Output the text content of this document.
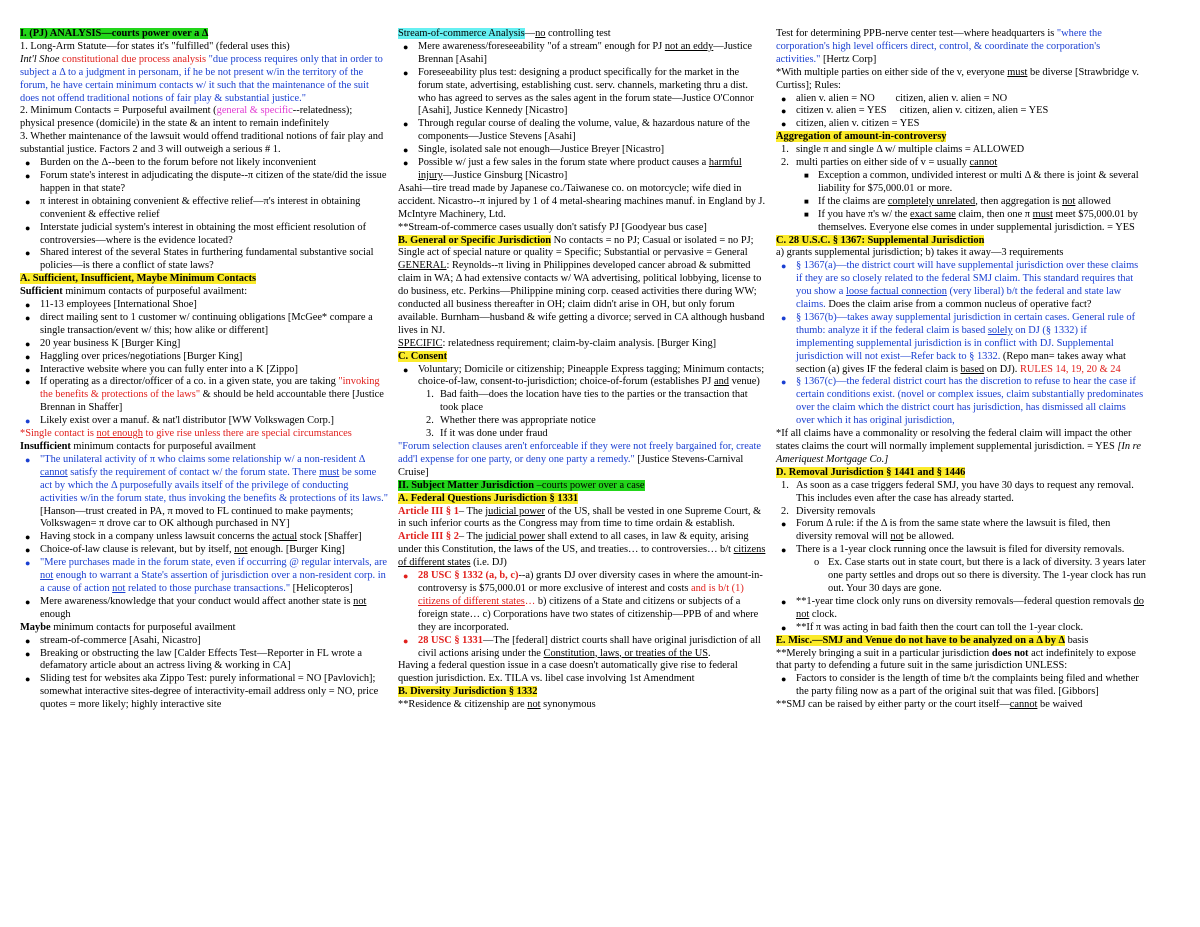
I. (PJ) ANALYSIS—courts power over a Δ

1. Long-Arm Statute—for states it's "fulfilled" (federal uses this)

Int'l Shoe constitutional due process analysis "due process requires only that in order to subject a Δ to a judgment in personam, if he be not present w/in the territory of the forum, he have certain minimum contacts w/ it such that the maintenance of the suit does not offend traditional notions of fair play & substantial justice."

2. Minimum Contacts = Purposeful availment (general & specific--relatedness); physical presence (domicile) in the state & an intent to remain indefinitely

3. Whether maintenance of the lawsuit would offend traditional notions of fair play and substantial justice. Factors 2 and 3 will outweigh a serious # 1.

● Burden on the Δ--been to the forum before not likely inconvenient
● Forum state's interest in adjudicating the dispute--π citizen of the state/did the issue happen in that state?
● π interest in obtaining convenient & effective relief—π's interest in obtaining convenient & effective relief
● Interstate judicial system's interest in obtaining the most efficient resolution of controversies—where is the evidence located?
● Shared interest of the several States in furthering fundamental substantive social policies—is there a conflict of state laws?

A. Sufficient, Insufficient, Maybe Minimum Contacts

Sufficient minimum contacts of purposeful availment:

● 11-13 employees [International Shoe]
● direct mailing sent to 1 customer w/ continuing obligations [McGee* compare a single transaction/event w/ this; how alike or different]
● 20 year business K [Burger King]
● Haggling over prices/negotiations [Burger King]
● Interactive website where you can fully enter into a K [Zippo]
● If operating as a director/officer of a co. in a given state, you are taking "invoking the benefits & protections of the laws" & should be held accountable there [Justice Brennan in Shaffer]
● Likely exist over a manuf. & nat'l distributor [WW Volkswagen Corp.]

*Single contact is not enough to give rise unless there are special circumstances

Insufficient minimum contacts for purposeful availment

● "The unilateral activity of π who claims some relationship w/ a non-resident Δ cannot satisfy the requirement of contact w/ the forum state. There must be some act by which the Δ purposefully avails itself of the privilege of conducting activities w/in the forum state, thus invoking the benefits & protections of its laws." [Hanson—trust created in PA, π moved to FL continued to make payments; Volkswagen= π drove car to OK although purchased in NY]
● Having stock in a company unless lawsuit concerns the actual stock [Shaffer]
● Choice-of-law clause is relevant, but by itself, not enough. [Burger King]
● "Mere purchases made in the forum state, even if occurring @ regular intervals, are not enough to warrant a State's assertion of jurisdiction over a non-resident corp. in a cause of action not related to those purchase transactions." [Helicopteros]
● Mere awareness/knowledge that your conduct would affect another state is not enough

Maybe minimum contacts for purposeful availment

● stream-of-commerce [Asahi, Nicastro]
● Breaking or obstructing the law [Calder Effects Test—Reporter in FL wrote a defamatory article about an actress living & working in CA]
● Sliding test for websites aka Zippo Test: purely informational = NO [Pavlovich]; somewhat interactive sites-degree of interactivity-email address only = NO, price quotes = more likely; highly interactive site

Stream-of-commerce Analysis—no controlling test

● Mere awareness/foreseeability "of a stream" enough for PJ not an eddy—Justice Brennan [Asahi]
● Foreseeability plus test: designing a product specifically for the market in the forum state, advertising, establishing cust. serv. channels, marketing thru a dist. who has agreed to serves as the sales agent in the forum state—Justice O'Connor [Asahi], Justice Kennedy [Nicastro]
● Through regular course of dealing the volume, value, & hazardous nature of the components—Justice Stevens [Asahi]
● Single, isolated sale not enough—Justice Breyer [Nicastro]
● Possible w/ just a few sales in the forum state where product causes a harmful injury—Justice Ginsburg [Nicastro]

Asahi—tire tread made by Japanese co./Taiwanese co. on motorcycle; wife died in accident. Nicastro--π injured by 1 of 4 metal-shearing machines manuf. in England by J. McIntyre Machinery, Ltd.

**Stream-of-commerce cases usually don't satisfy PJ [Goodyear bus case]

B. General or Specific Jurisdiction No contacts = no PJ; Casual or isolated = no PJ; Single act of special nature or quality = Specific; Substantial or pervasive = General

GENERAL: Reynolds--π living in Philippines developed cancer abroad & submitted claim in WA; Δ had extensive contacts w/ WA advertising, political lobbying, license to do business, etc. Perkins—Philippine mining corp. ceased activities there during WW; conducted all business thereafter in OH; claim didn't arise in OH, but only forum available. Burnham—husband & wife getting a divorce; served in CA although husband lives in NJ.

SPECIFIC: relatedness requirement; claim-by-claim analysis. [Burger King]

C. Consent

● Voluntary; Domicile or citizenship; Pineapple Express tagging; Minimum contacts; choice-of-law, consent-to-jurisdiction; choice-of-forum (establishes PJ and venue)
1. Bad faith—does the location have ties to the parties or the transaction that took place
2. Whether there was appropriate notice
3. If it was done under fraud

"Forum selection clauses aren't enforceable if they were not freely bargained for, create add'l expense for one party, or deny one party a remedy." [Justice Stevens-Carnival Cruise]

II. Subject Matter Jurisdiction –courts power over a case

A. Federal Questions Jurisdiction § 1331

Article III § 1– The judicial power of the US, shall be vested in one Supreme Court, & in such inferior courts as the Congress may from time to time ordain & establish.

Article III § 2– The judicial power shall extend to all cases, in law & equity, arising under this Constitution, the laws of the US, and treaties… to controversies… b/t citizens of different states (i.e. DJ)

● 28 USC § 1332 (a, b, c)--a) grants DJ over diversity cases in where the amount-in-controversy is $75,000.01 or more exclusive of interest and costs and is b/t (1) citizens of different states… b) citizens of a State and citizens or subjects of a foreign state… c) Corporations have two states of citizenship—PPB of and where they are incorporated.
● 28 USC § 1331—The [federal] district courts shall have original jurisdiction of all civil actions arising under the Constitution, laws, or treaties of the US.

Having a federal question issue in a case doesn't automatically give rise to federal question jurisdiction. Ex. TILA vs. libel case involving 1st Amendment

B. Diversity Jurisdiction § 1332

**Residence & citizenship are not synonymous

Test for determining PPB-nerve center test—where headquarters is "where the corporation's high level officers direct, control, & coordinate the corporation's activities." [Hertz Corp]

*With multiple parties on either side of the v, everyone must be diverse [Strawbridge v. Curtiss]; Rules:

● alien v. alien = NO        citizen, alien v. alien = NO
● citizen v. alien = YES     citizen, alien v. citizen, alien = YES
● citizen, alien v. citizen = YES

Aggregation of amount-in-controversy

1. single π and single Δ w/ multiple claims = ALLOWED
2. multi parties on either side of v = usually cannot
■ Exception a common, undivided interest or multi Δ & there is joint & several liability for $75,000.01 or more.
■ If the claims are completely unrelated, then aggregation is not allowed
■ If you have π's w/ the exact same claim, then one π must meet $75,000.01 by themselves. Everyone else comes in under supplemental jurisdiction. = YES

C. 28 U.S.C. § 1367: Supplemental Jurisdiction

a) grants supplemental jurisdiction; b) takes it away—3 requirements

● § 1367(a)—the district court will have supplemental jurisdiction over these claims if they are so closely related to the federal SMJ claim. This standard requires that you show a loose factual connection (very liberal) b/t the federal and state law claims. Does the claim arise from a common nucleus of operative fact?
● § 1367(b)—takes away supplemental jurisdiction in certain cases. General rule of thumb: analyze it if the federal claim is based solely on DJ (§ 1332) if implementing supplemental jurisdiction is in conflict with DJ. Supplemental jurisdiction will not exist—Refer back to § 1332. (Repo man= takes away what section (a) gives IF the federal claim is based on DJ). RULES 14, 19, 20 & 24
● § 1367(c)—the federal district court has the discretion to refuse to hear the case if certain conditions exist. (novel or complex issues, claim substantially predominates over the claim which the district court has jurisdiction, has dismissed all claims over which it has original jurisdiction,

*If all claims have a commonality or resolving the federal claim will impact the other states claims the court will normally implement supplemental jurisdiction. = YES [In re Ameriquest Mortgage Co.]

D. Removal Jurisdiction § 1441 and § 1446

1. As soon as a case triggers federal SMJ, you have 30 days to request any removal. This includes even after the case has already started.
2. Diversity removals
● Forum Δ rule: if the Δ is from the same state where the lawsuit is filed, then diversity removal will not be allowed.
● There is a 1-year clock running once the lawsuit is filed for diversity removals.
o Ex. Case starts out in state court, but there is a lack of diversity. 3 years later one party settles and drops out so there is diversity. The 1-year clock has run out. Your 30 days are gone.
● **1-year time clock only runs on diversity removals—federal question removals do not clock.
● **If π was acting in bad faith then the court can toll the 1-year clock.

E. Misc.—SMJ and Venue do not have to be analyzed on a Δ by Δ basis

**Merely bringing a suit in a particular jurisdiction does not act indefinitely to expose that party to defending a future suit in the same jurisdiction UNLESS:

● Factors to consider is the length of time b/t the complaints being filed and whether the party filing now as a part of the original suit that was filed. [Gibbors]

**SMJ can be raised by either party or the court itself—cannot be waived
